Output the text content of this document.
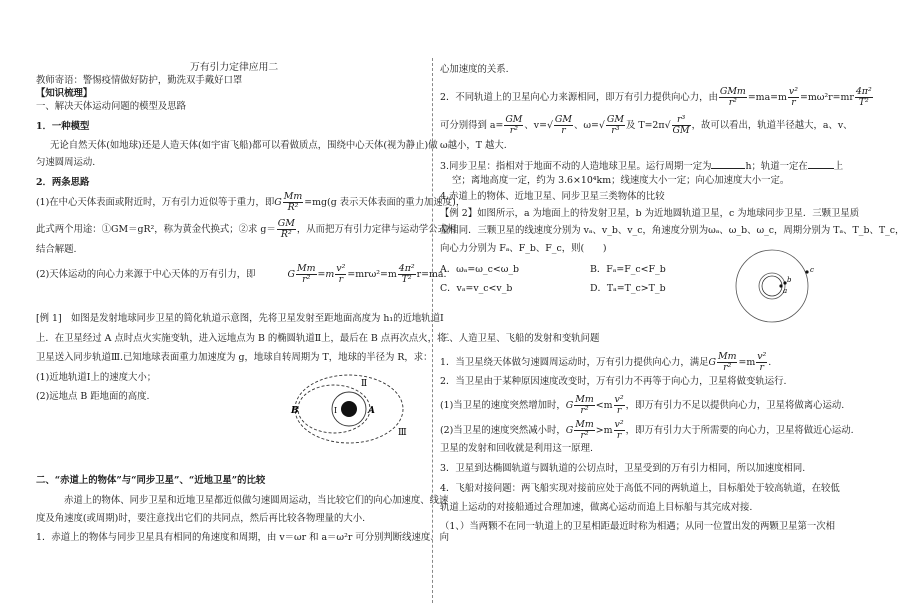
万有引力定律应用二
教师寄语：警惕疫情做好防护，勤洗双手戴好口罩
【知识梳理】
一、解决天体运动问题的模型及思路
1．一种模型
无论自然天体(如地球)还是人造天体(如宇宙飞船)都可以看做质点，围绕中心天体(视为静止)做
匀速圆周运动.
2．两条思路
(1)在中心天体表面或附近时，万有引力近似等于重力，即G $\frac{Mm}{\text{R²}} =mg(g$ 表示天体表面的重力加速度)，
此式两个用途：①GM＝gR²，称为黄金代换式；②求 $g= \frac{GM}{\text{R²}}$ ，从而把万有引力定律与运动学公式相
结合解题.
(2)天体运动的向心力来源于中心天体的万有引力，即	G $\frac{Mm}{\text{r²}} =m \frac{\text{v²}}{r} =mr\omega^2=m \frac{\text{4π²}}{\text{T²}} r=ma$.
[例 1]　如图是发射地球同步卫星的简化轨道示意图，先将卫星发射至距地面高度为 h₁的近地轨道Ⅰ
上．在卫星经过 A 点时点火实施变轨，进入远地点为 B 的椭圆轨道Ⅱ上，最后在 B 点再次点火，将
卫星送入同步轨道Ⅲ.已知地球表面重力加速度为 g，地球自转周期为 T，地球的半径为 R，求：
(1)近地轨道Ⅰ上的速度大小；
(2)远地点 B 距地面的高度.
Ⅱ
Ⅰ
Ⅲ
A
B
二、“赤道上的物体”与“同步卫星”、“近地卫星”的比较
赤道上的物体、同步卫星和近地卫星都近似做匀速圆周运动，当比较它们的向心加速度、线速
度及角速度(或周期)时，要注意找出它们的共同点，然后再比较各物理量的大小.
1．赤道上的物体与同步卫星具有相同的角速度和周期，由 v＝ωr 和 a＝ω²r 可分别判断线速度、向
心加速度的关系.
2．不同轨道上的卫星向心力来源相同，即万有引力提供向心力，由 $\frac{\text{GMm}}{\text{r²}} =ma=m \frac{\text{v²}}{r} =m\omega^2r=mr \frac{\text{4π²}}{\text{T²}}$
可分别得到 $a= \frac{GM}{\text{r²}}$ 、$v=√ \frac{GM}{r}$ 、$\omega=√ \frac{GM}{\text{r³}}$ 及 $T=2\pi√ \frac{\text{r³}}{GM}$ ，故可以看出，轨道半径越大，a、v、
ω越小，T 越大.
3.同步卫星：指相对于地面不动的人造地球卫星。运行周期一定为	h；轨道一定在	上
空；离地高度一定，约为 3.6×10⁴km；线速度大小一定；向心加速度大小一定。
4.赤道上的物体、近地卫星、同步卫星三类物体的比较
【例 2】如图所示，a 为地面上的待发射卫星，b 为近地圆轨道卫星，c 为地球同步卫星．三颗卫星质
量相同．三颗卫星的线速度分别为 vₐ、v_b、v_c，角速度分别为ωₐ、ω_b、ω_c，周期分别为 Tₐ、T_b、T_c，
向心力分别为 Fₐ、F_b、F_c，则(　　)
A．ωₐ=ω_c<ω_b	B．Fₐ=F_c<F_b
C．vₐ=v_c<v_b	D．Tₐ=T_c>T_b	a
b
c
三、人造卫星、飞船的发射和变轨问题
1．当卫星绕天体做匀速圆周运动时，万有引力提供向心力，满足G $\frac{Mm}{\text{r²}} =m \frac{\text{v²}}{r}$ .
2．当卫星由于某种原因速度改变时，万有引力不再等于向心力，卫星将做变轨运行.
(1)当卫星的速度突然增加时，G $\frac{Mm}{\text{r²}} <m \frac{\text{v²}}{r}$ ，即万有引力不足以提供向心力，卫星将做离心运动.
(2)当卫星的速度突然减小时，G $\frac{Mm}{\text{r²}} >m \frac{\text{v²}}{r}$ ，即万有引力大于所需要的向心力，卫星将做近心运动.
卫星的发射和回收就是利用这一原理.
3．卫星到达椭圆轨道与圆轨道的公切点时，卫星受到的万有引力相同，所以加速度相同.
4．飞船对接问题：两飞船实现对接前应处于高低不同的两轨道上，目标船处于较高轨道，在较低
轨道上运动的对接船通过合理加速，做离心运动而追上目标船与其完成对接.
（1、）当两颗不在同一轨道上的卫星相距最近时称为相遇；从同一位置出发的两颗卫星第一次相
